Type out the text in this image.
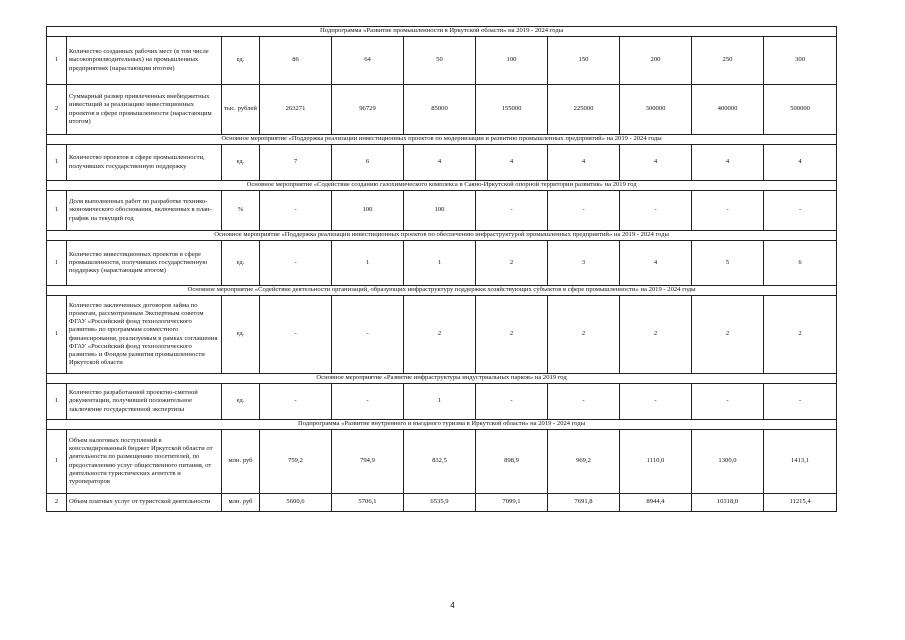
Подпрограмма «Развитие промышленности в Иркутской области» на 2019 - 2024 годы										
1	Количество созданных рабочих мест (в том числе высокопроизводительных) на промышленных предприятиях (нарастающим итогом)	ед.	86	64	50	100	150	200	250	300
2	Суммарный размер привлеченных внебюджетных инвестиций за реализацию инвестиционных проектов в сфере промышленности (нарастающим итогом)	тыс. рублей	263271	96729	85000	155000	225000	300000	400000	500000
Основное мероприятие «Поддержка реализации инвестиционных проектов по модернизации и развитию промышленных предприятий» на 2019 - 2024 годы										
1	Количество проектов в сфере промышленности, получивших государственную поддержку	ед.	7	6	4	4	4	4	4	4
Основное мероприятие «Содействие созданию газохимического комплекса в Саяно-Иркутской опорной территории развития» на 2019 год										
1	Доля выполненных работ по разработке технико-экономического обоснования, включенных в план-график на текущий год	%	-	100	100	-	-	-	-	-
Основное мероприятие «Поддержка реализации инвестиционных проектов по обеспечению инфраструктурой промышленных предприятий» на 2019 - 2024 годы										
1	Количество инвестиционных проектов в сфере промышленности, получивших государственную поддержку (нарастающим итогом)	ед.	-	1	1	2	3	4	5	6
Основное мероприятие «Содействие деятельности организаций, образующих инфраструктуру поддержки хозяйствующих субъектов в сфере промышленности» на 2019 - 2024 годы										
1	Количество заключенных договоров займа по проектам, рассмотренным Экспертным советом ФГАУ «Российский фонд технологического развития» по программам совместного финансирования, реализуемым в рамках соглашения ФГАУ «Российский фонд технологического развития» и Фондом развития промышленности Иркутской области	ед.	-	-	2	2	2	2	2	2
Основное мероприятие «Развитие инфраструктуры индустриальных парков» на 2019 год										
1	Количество разработанной проектно-сметной документации, получившей положительное заключение государственной экспертизы	ед.	-	-	1	-	-	-	-	-
Подпрограмма «Развитие внутреннего и въездного туризма в Иркутской области» на 2019 - 2024 годы										
1	Объем налоговых поступлений в консолидированный бюджет Иркутской области от деятельности по размещению посетителей, по предоставлению услуг общественного питания, от деятельности туристических агентств и туроператоров	млн. руб	759,2	794,9	832,5	898,9	969,2	1110,0	1300,0	1413,1
2	Объем платных услуг от туристской деятельности	млн. руб	5600,6	5706,1	6535,9	7099,1	7691,8	8944,4	10318,0	11215,4
4
